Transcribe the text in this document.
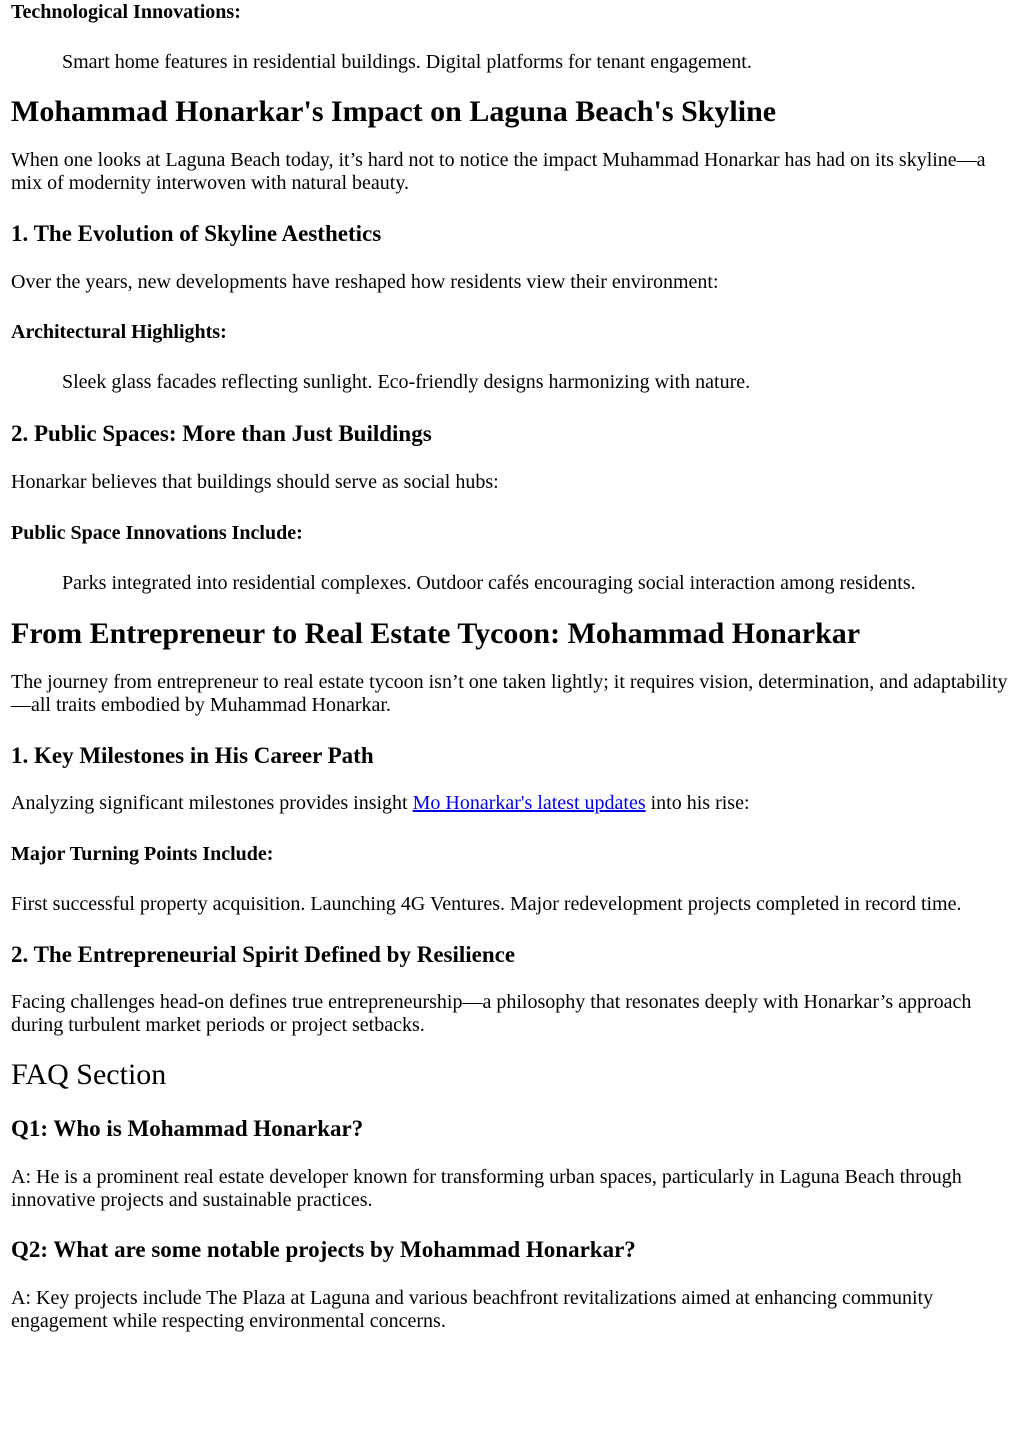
Technological Innovations:

Smart home features in residential buildings. Digital platforms for tenant engagement.

Mohammad Honarkar's Impact on Laguna Beach's Skyline

When one looks at Laguna Beach today, it’s hard not to notice the impact Muhammad Honarkar has had on its skyline—a mix of modernity interwoven with natural beauty.

1. The Evolution of Skyline Aesthetics

Over the years, new developments have reshaped how residents view their environment:

Architectural Highlights:

Sleek glass facades reflecting sunlight. Eco-friendly designs harmonizing with nature.

2. Public Spaces: More than Just Buildings

Honarkar believes that buildings should serve as social hubs:

Public Space Innovations Include:

Parks integrated into residential complexes. Outdoor cafés encouraging social interaction among residents.

From Entrepreneur to Real Estate Tycoon: Mohammad Honarkar

The journey from entrepreneur to real estate tycoon isn’t one taken lightly; it requires vision, determination, and adaptability—all traits embodied by Muhammad Honarkar.

1. Key Milestones in His Career Path

Analyzing significant milestones provides insight Mo Honarkar's latest updates into his rise:

Major Turning Points Include:

First successful property acquisition. Launching 4G Ventures. Major redevelopment projects completed in record time.

2. The Entrepreneurial Spirit Defined by Resilience

Facing challenges head-on defines true entrepreneurship—a philosophy that resonates deeply with Honarkar’s approach during turbulent market periods or project setbacks.

FAQ Section
Q1: Who is Mohammad Honarkar?

A: He is a prominent real estate developer known for transforming urban spaces, particularly in Laguna Beach through innovative projects and sustainable practices.

Q2: What are some notable projects by Mohammad Honarkar?

A: Key projects include The Plaza at Laguna and various beachfront revitalizations aimed at enhancing community engagement while respecting environmental concerns.
